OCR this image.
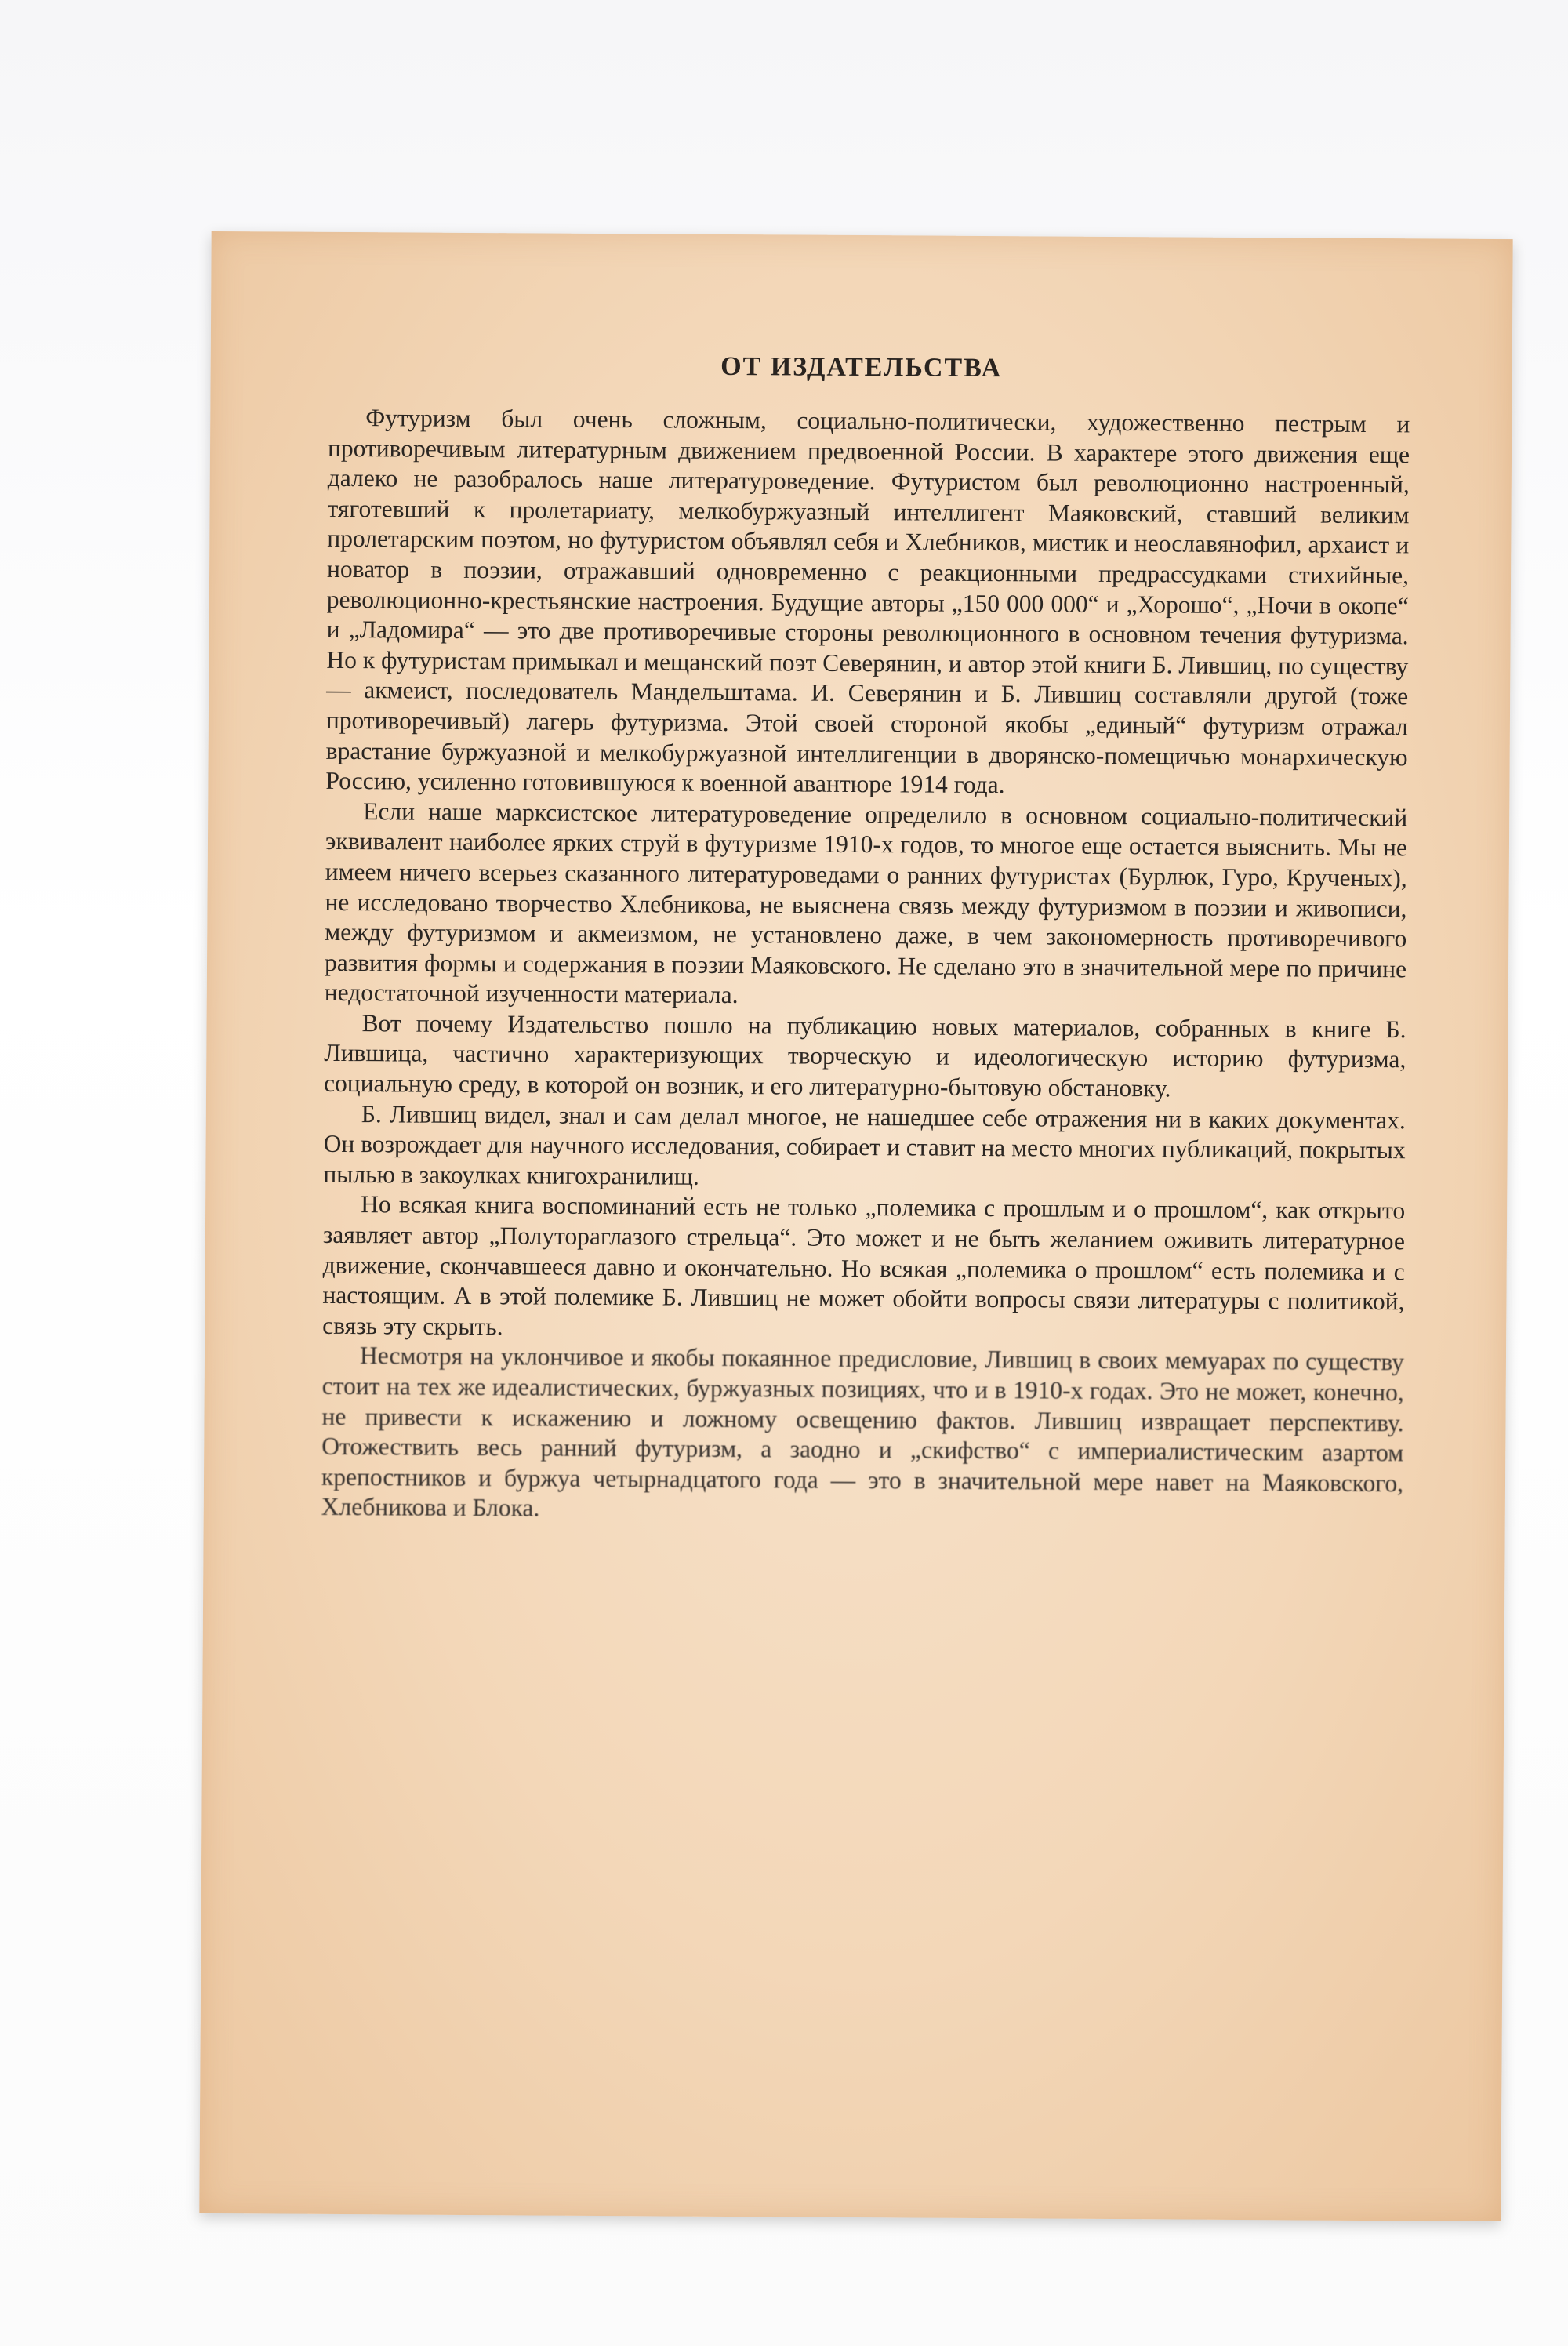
ОТ ИЗДАТЕЛЬСТВА

Футуризм был очень сложным, социально-политически, художественно пестрым и противоречивым литературным движением предвоенной России. В характере этого движения еще далеко не разобралось наше литературоведение. Футуристом был революционно настроенный, тяготевший к пролетариату, мелкобуржуазный интеллигент Маяковский, ставший великим пролетарским поэтом, но футуристом объявлял себя и Хлебников, мистик и неославянофил, архаист и новатор в поэзии, отражавший одновременно с реакционными предрассудками стихийные, революционно-крестьянские настроения. Будущие авторы „150 000 000“ и „Хорошо“, „Ночи в окопе“ и „Ладомира“ — это две противоречивые стороны революционного в основном течения футуризма. Но к футуристам примыкал и мещанский поэт Северянин, и автор этой книги Б. Лившиц, по существу — акмеист, последователь Мандельштама. И. Северянин и Б. Лившиц составляли другой (тоже противоречивый) лагерь футуризма. Этой своей стороной якобы „единый“ футуризм отражал врастание буржуазной и мелкобуржуазной интеллигенции в дворянско-помещичью монархическую Россию, усиленно готовившуюся к военной авантюре 1914 года.

Если наше марксистское литературоведение определило в основном социально-политический эквивалент наиболее ярких струй в футуризме 1910-х годов, то многое еще остается выяснить. Мы не имеем ничего всерьез сказанного литературоведами о ранних футуристах (Бурлюк, Гуро, Крученых), не исследовано творчество Хлебникова, не выяснена связь между футуризмом в поэзии и живописи, между футуризмом и акмеизмом, не установлено даже, в чем закономерность противоречивого развития формы и содержания в поэзии Маяковского. Не сделано это в значительной мере по причине недостаточной изученности материала.

Вот почему Издательство пошло на публикацию новых материалов, собранных в книге Б. Лившица, частично характеризующих творческую и идеологическую историю футуризма, социальную среду, в которой он возник, и его литературно-бытовую обстановку.

Б. Лившиц видел, знал и сам делал многое, не нашедшее себе отражения ни в каких документах. Он возрождает для научного исследования, собирает и ставит на место многих публикаций, покрытых пылью в закоулках книгохранилищ.

Но всякая книга воспоминаний есть не только „полемика с прошлым и о прошлом“, как открыто заявляет автор „Полутораглазого стрельца“. Это может и не быть желанием оживить литературное движение, скончавшееся давно и окончательно. Но всякая „полемика о прошлом“ есть полемика и с настоящим. А в этой полемике Б. Лившиц не может обойти вопросы связи литературы с политикой, связь эту скрыть.

Несмотря на уклончивое и якобы покаянное предисловие, Лившиц в своих мемуарах по существу стоит на тех же идеалистических, буржуазных позициях, что и в 1910-х годах. Это не может, конечно, не привести к искажению и ложному освещению фактов. Лившиц извращает перспективу. Отожествить весь ранний футуризм, а заодно и „скифство“ с империалистическим азартом крепостников и буржуа четырнадцатого года — это в значительной мере навет на Маяковского, Хлебникова и Блока.
